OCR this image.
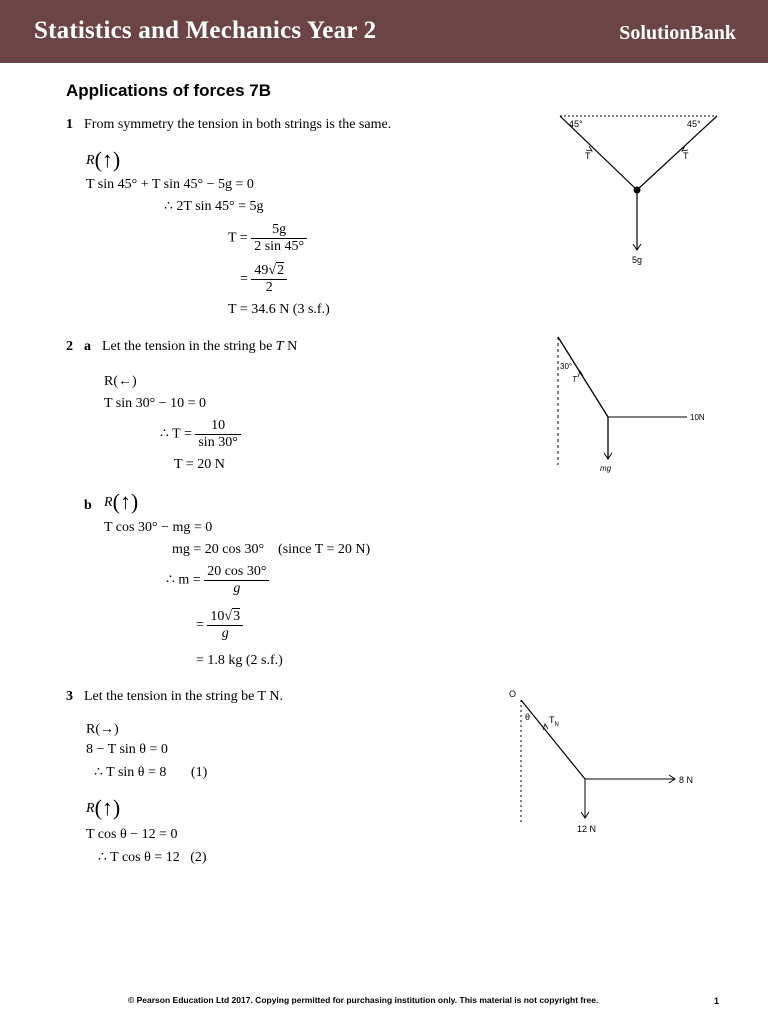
Statistics and Mechanics Year 2	SolutionBank
Applications of forces 7B
1 From symmetry the tension in both strings is the same.
R(↑)
T sin 45° + T sin 45° − 5g = 0
∴ 2T sin 45° = 5g
$T = \frac{5g}{2 \sin 45^\circ}$
= $\frac{49√2}{2}$
T = 34.6 N (3 s.f.)
45°	45°
T	T
5g
2 a Let the tension in the string be T N
R(←)
T sin 30° − 10 = 0
∴ $T = \frac{10}{\sin 30^\circ}$
T = 20 N
b R(↑)
T cos 30° − mg = 0
mg = 20 cos 30° (since T = 20 N)
∴ $m = \frac{20 \cos 30^\circ}{g}$
= $\frac{10√3}{g}$
= 1.8 kg (2 s.f.)
30°
T
10N
mg
3 Let the tension in the string be T N.
R(→)
8 − T sin θ = 0
∴ T sin θ = 8 (1)
R(↑)
T cos θ − 12 = 0
∴ T cos θ = 12 (2)
O
θ $T_N$
8 N
12 N
© Pearson Education Ltd 2017. Copying permitted for purchasing institution only. This material is not copyright free.	1
